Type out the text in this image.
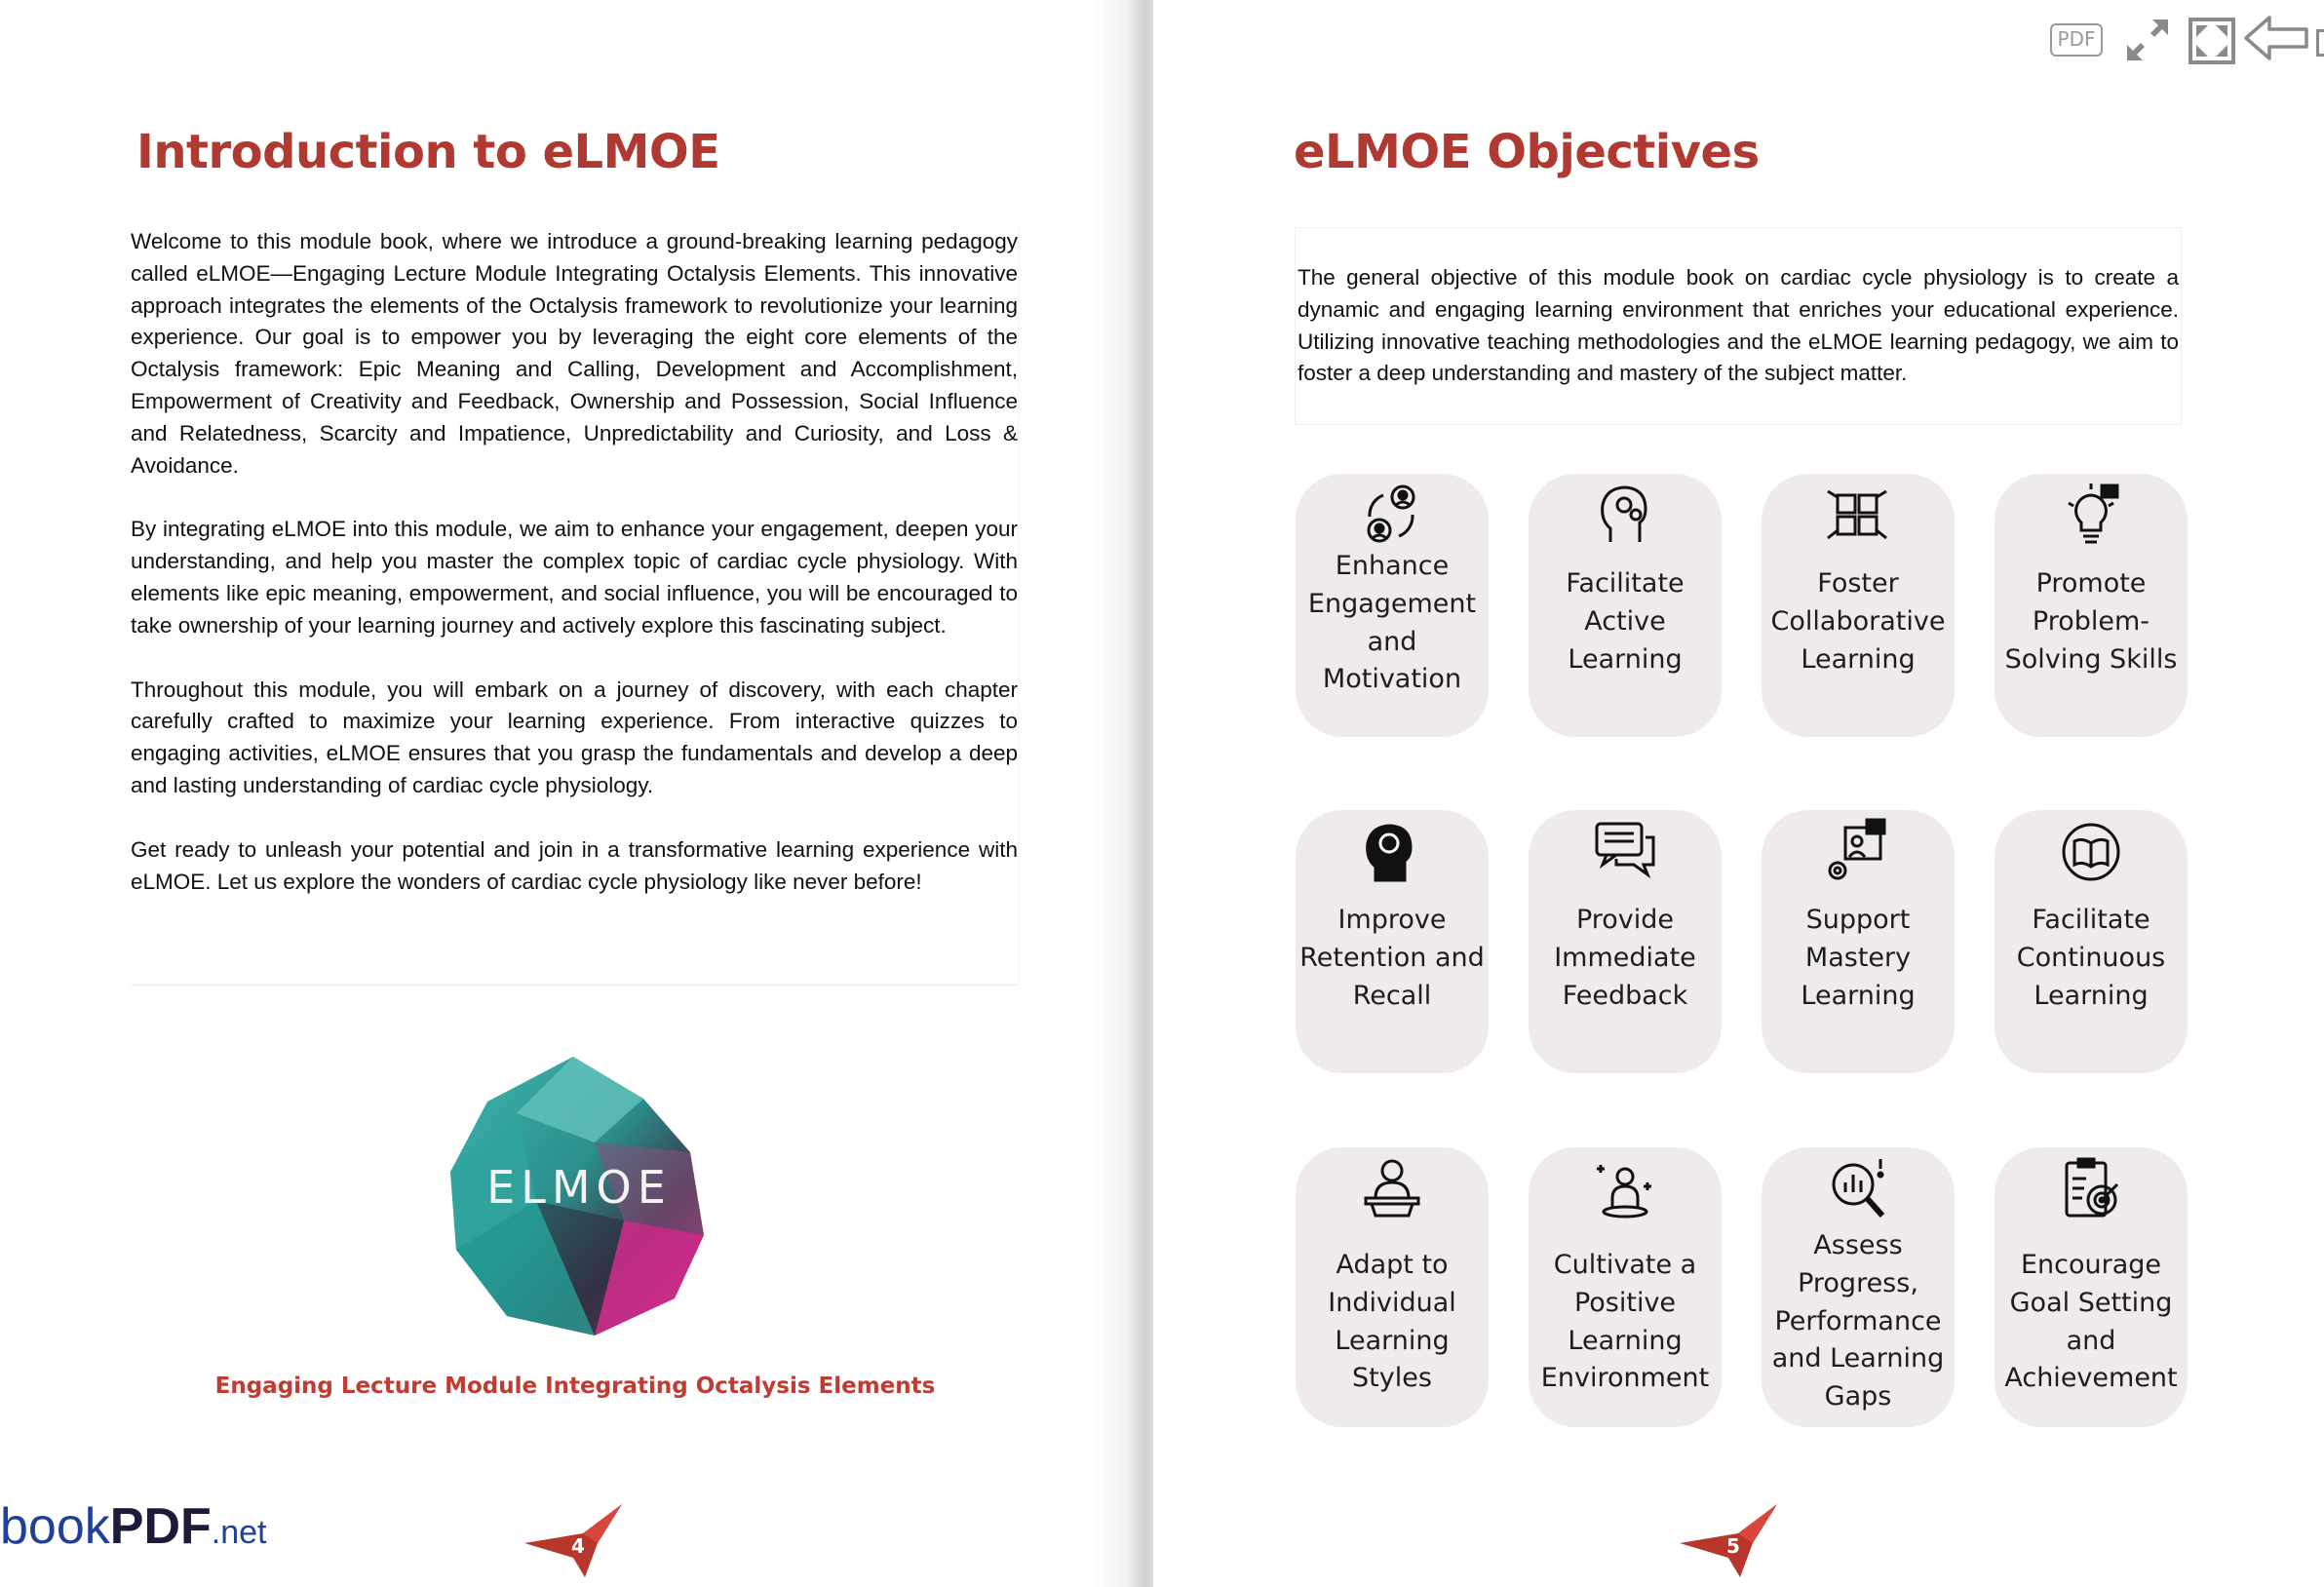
Introduction to eLMOE

Welcome to this module book, where we introduce a ground-breaking learning pedagogy called eLMOE—Engaging Lecture Module Integrating Octalysis Elements. This innovative approach integrates the elements of the Octalysis framework to revolutionize your learning experience. Our goal is to empower you by leveraging the eight core elements of the Octalysis framework: Epic Meaning and Calling, Development and Accomplishment, Empowerment of Creativity and Feedback, Ownership and Possession, Social Influence and Relatedness, Scarcity and Impatience, Unpredictability and Curiosity, and Loss & Avoidance.

By integrating eLMOE into this module, we aim to enhance your engagement, deepen your understanding, and help you master the complex topic of cardiac cycle physiology. With elements like epic meaning, empowerment, and social influence, you will be encouraged to take ownership of your learning journey and actively explore this fascinating subject.

Throughout this module, you will embark on a journey of discovery, with each chapter carefully crafted to maximize your learning experience. From interactive quizzes to engaging activities, eLMOE ensures that you grasp the fundamentals and develop a deep and lasting understanding of cardiac cycle physiology.

Get ready to unleash your potential and join in a transformative learning experience with eLMOE. Let us explore the wonders of cardiac cycle physiology like never before!

ELMOE
Engaging Lecture Module Integrating Octalysis Elements
4
bookPDF.net
eLMOE Objectives

The general objective of this module book on cardiac cycle physiology is to create a dynamic and engaging learning environment that enriches your educational experience. Utilizing innovative teaching methodologies and the eLMOE learning pedagogy, we aim to foster a deep understanding and mastery of the subject matter.

Enhance Engagement and Motivation
Facilitate Active Learning
Foster Collaborative Learning
Promote Problem-Solving Skills
Improve Retention and Recall
Provide Immediate Feedback
Support Mastery Learning
Facilitate Continuous Learning
Adapt to Individual Learning Styles
Cultivate a Positive Learning Environment
Assess Progress, Performance and Learning Gaps
Encourage Goal Setting and Achievement
5
PDF
